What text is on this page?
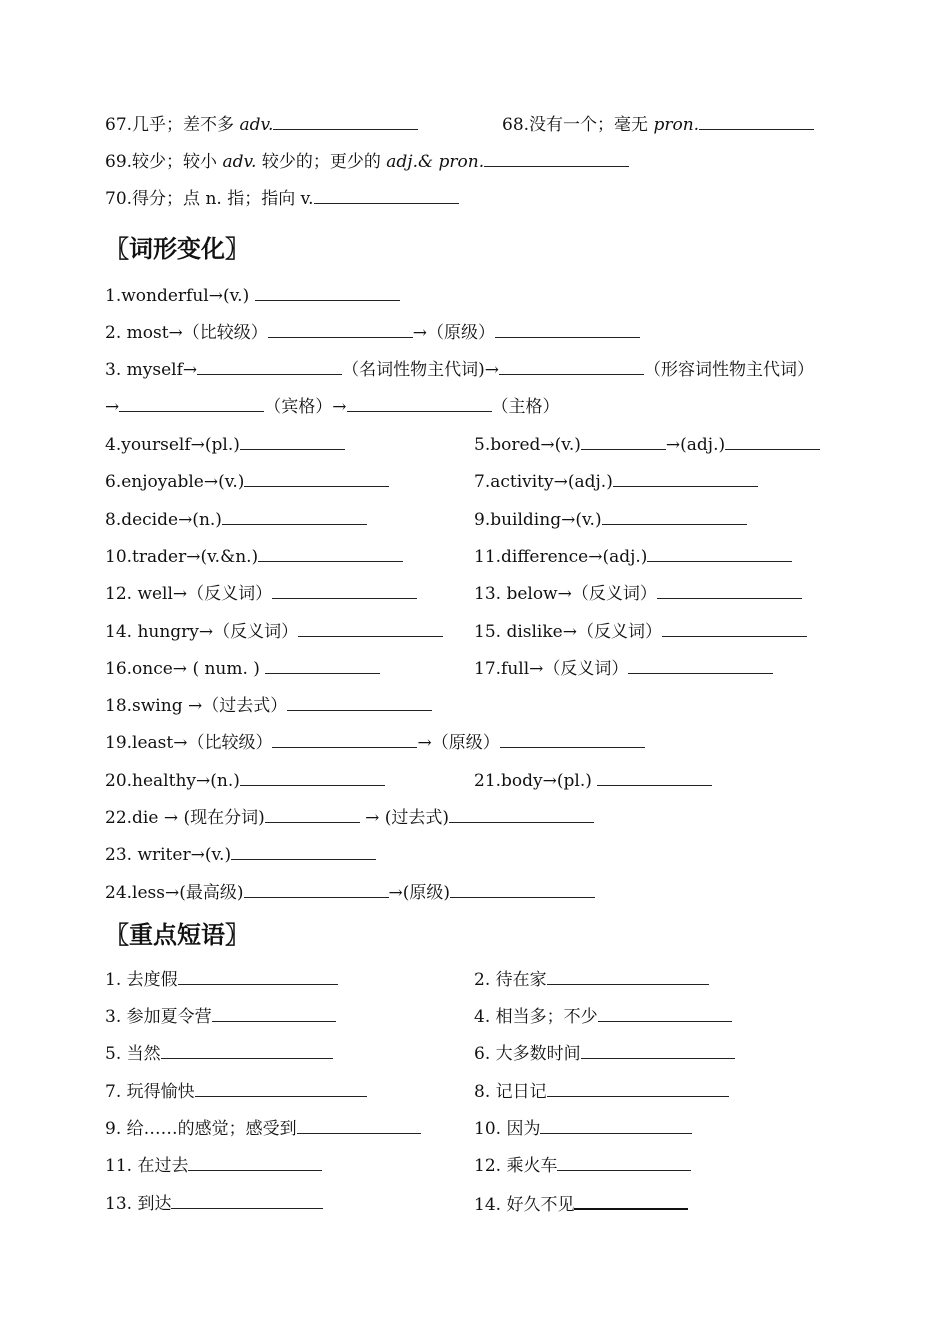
67.几乎；差不多 adv.	68.没有一个；毫无 pron.
69.较少；较小 adv. 较少的；更少的 adj.& pron.
70.得分；点 n. 指；指向 v.
〖词形变化〗
1.wonderful→(v.)
2. most→（比较级）	→（原级）
3. myself→	（名词性物主代词)→	（形容词性物主代词）
→	（宾格）→	（主格）
4.yourself→(pl.)	5.bored→(v.)	→(adj.)
6.enjoyable→(v.)	7.activity→(adj.)
8.decide→(n.)	9.building→(v.)
10.trader→(v.&n.)	11.difference→(adj.)
12. well→（反义词）	13. below→（反义词）
14. hungry→（反义词）	15. dislike→（反义词）
16.once→ ( num. )	17.full→（反义词）
18.swing →（过去式）
19.least→（比较级）	→（原级）
20.healthy→(n.)	21.body→(pl.)
22.die → (现在分词)	→ (过去式)
23. writer→(v.)
24.less→(最高级)	→(原级)
〖重点短语〗
1. 去度假	2. 待在家
3. 参加夏令营	4. 相当多；不少
5. 当然	6. 大多数时间
7. 玩得愉快	8. 记日记
9. 给……的感觉；感受到	10. 因为
11. 在过去	12. 乘火车
13. 到达	14. 好久不见
